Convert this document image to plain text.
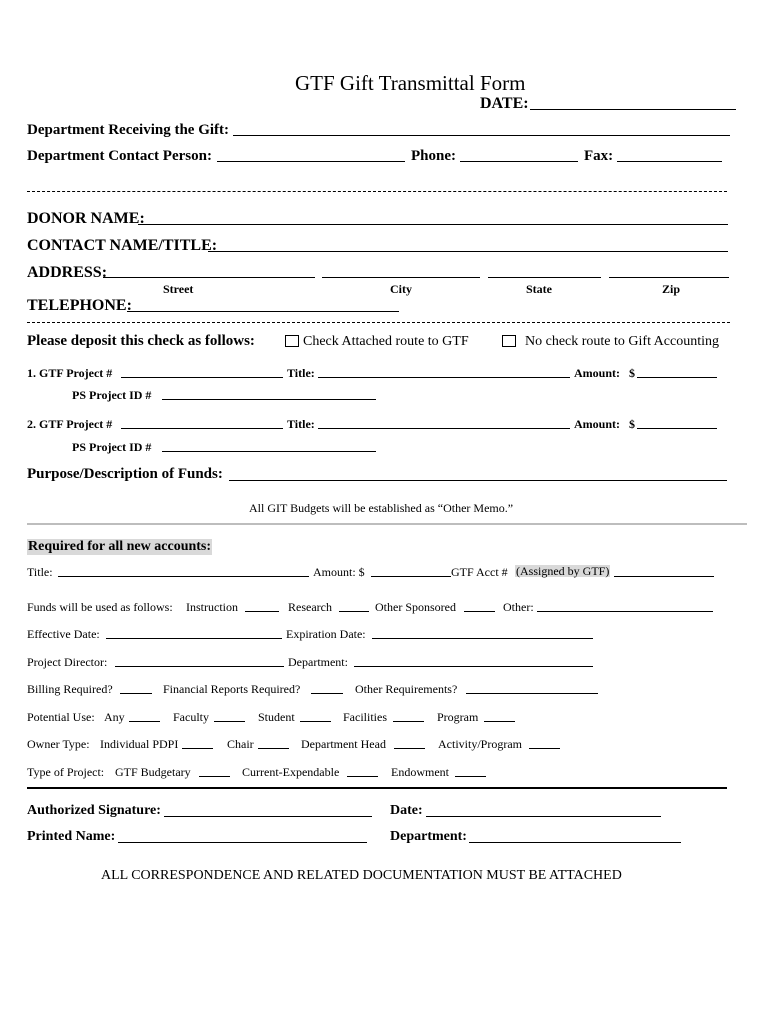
GTF Gift Transmittal Form
DATE:
Department Receiving the Gift:
Department Contact Person:	Phone:	Fax:
DONOR NAME:
CONTACT NAME/TITLE:
ADDRESS:
Street	City	State	Zip
TELEPHONE:
Please deposit this check as follows:	Check Attached route to GTF	No check route to Gift Accounting
1. GTF Project #	Title:	Amount: $
PS Project ID #
2. GTF Project #	Title:	Amount: $
PS Project ID #
Purpose/Description of Funds:
All GIT Budgets will be established as “Other Memo.”
Required for all new accounts:
Title:	Amount: $	GTF Acct # (Assigned by GTF)
Funds will be used as follows: Instruction	Research	Other Sponsored	Other:
Effective Date:	Expiration Date:
Project Director:	Department:
Billing Required?	Financial Reports Required?	Other Requirements?
Potential Use: Any	Faculty	Student	Facilities	Program
Owner Type: Individual PDPI	Chair	Department Head	Activity/Program
Type of Project: GTF Budgetary	Current-Expendable	Endowment
Authorized Signature:	Date:
Printed Name:	Department:
ALL CORRESPONDENCE AND RELATED DOCUMENTATION MUST BE ATTACHED
